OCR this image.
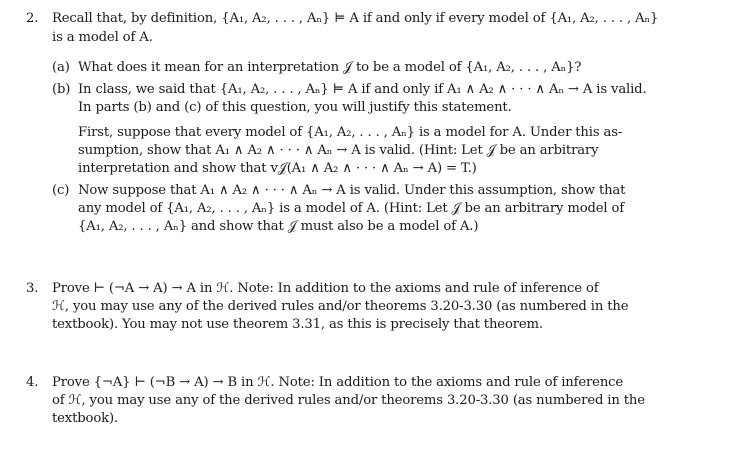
2. Recall that, by definition, {A₁, A₂, . . . , Aₙ} ⊨ A if and only if every model of {A₁, A₂, . . . , Aₙ}
is a model of A.
(a) What does it mean for an interpretation 𝒥 to be a model of {A₁, A₂, . . . , Aₙ}?
(b) In class, we said that {A₁, A₂, . . . , Aₙ} ⊨ A if and only if A₁ ∧ A₂ ∧ · · · ∧ Aₙ → A is valid.
In parts (b) and (c) of this question, you will justify this statement.
First, suppose that every model of {A₁, A₂, . . . , Aₙ} is a model for A. Under this as-
sumption, show that A₁ ∧ A₂ ∧ · · · ∧ Aₙ → A is valid. (Hint: Let 𝒥 be an arbitrary
interpretation and show that v𝒥(A₁ ∧ A₂ ∧ · · · ∧ Aₙ → A) = T.)
(c) Now suppose that A₁ ∧ A₂ ∧ · · · ∧ Aₙ → A is valid. Under this assumption, show that
any model of {A₁, A₂, . . . , Aₙ} is a model of A. (Hint: Let 𝒥 be an arbitrary model of
{A₁, A₂, . . . , Aₙ} and show that 𝒥 must also be a model of A.)
3. Prove ⊢ (¬A → A) → A in ℋ. Note: In addition to the axioms and rule of inference of
ℋ, you may use any of the derived rules and/or theorems 3.20-3.30 (as numbered in the
textbook). You may not use theorem 3.31, as this is precisely that theorem.
4. Prove {¬A} ⊢ (¬B → A) → B in ℋ. Note: In addition to the axioms and rule of inference
of ℋ, you may use any of the derived rules and/or theorems 3.20-3.30 (as numbered in the
textbook).
